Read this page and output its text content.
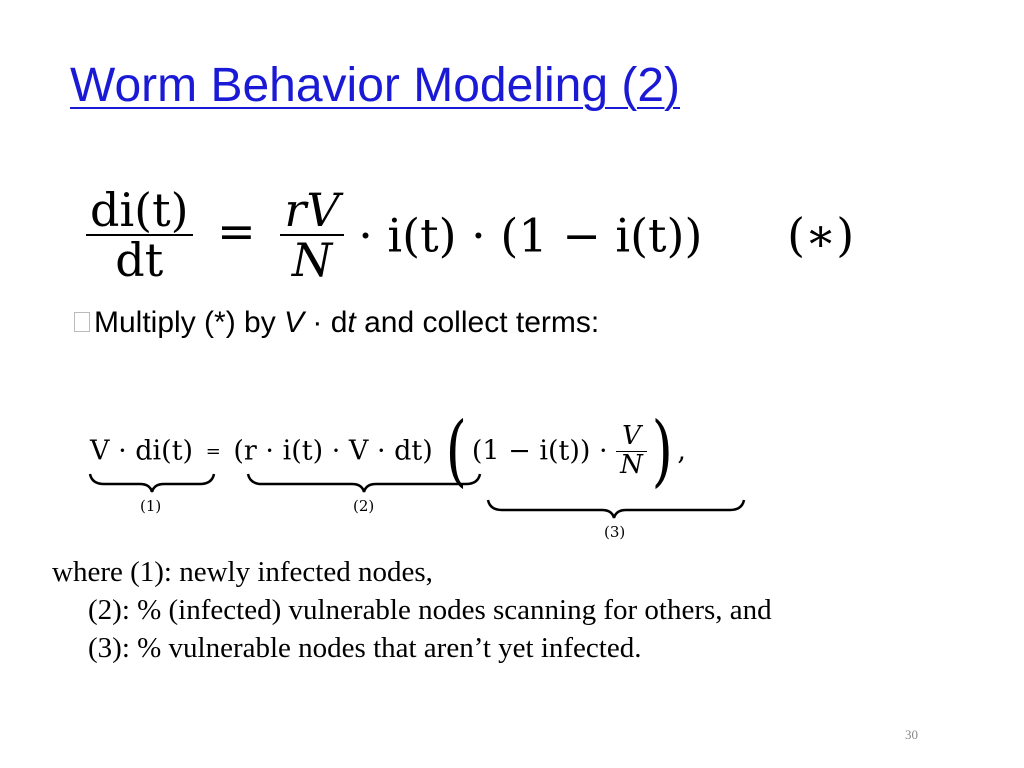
Worm Behavior Modeling (2)
$\frac{di(t)}{dt} = \frac{rV}{N} \cdot i(t) \cdot (1 - i(t))$ (∗)
Multiply (*) by V · dt and collect terms:
V · di(t) = (r · i(t) · V · dt) ( $(1 - i(t)) \cdot \frac{V}{N}$ ) ,
(1)	(2)
(3)
where (1): newly infected nodes,
(2): % (infected) vulnerable nodes scanning for others, and
(3): % vulnerable nodes that aren’t yet infected.
30
